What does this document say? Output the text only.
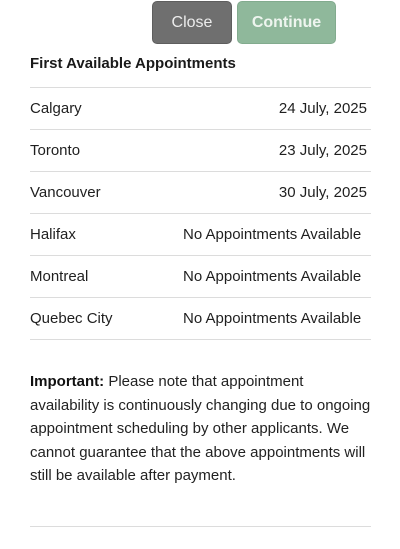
Close	Continue
First Available Appointments
Calgary	24 July, 2025
Toronto	23 July, 2025
Vancouver	30 July, 2025
Halifax	No Appointments Available
Montreal	No Appointments Available
Quebec City	No Appointments Available
Important: Please note that appointment availability is continuously changing due to ongoing appointment scheduling by other applicants. We cannot guarantee that the above appointments will still be available after payment.
